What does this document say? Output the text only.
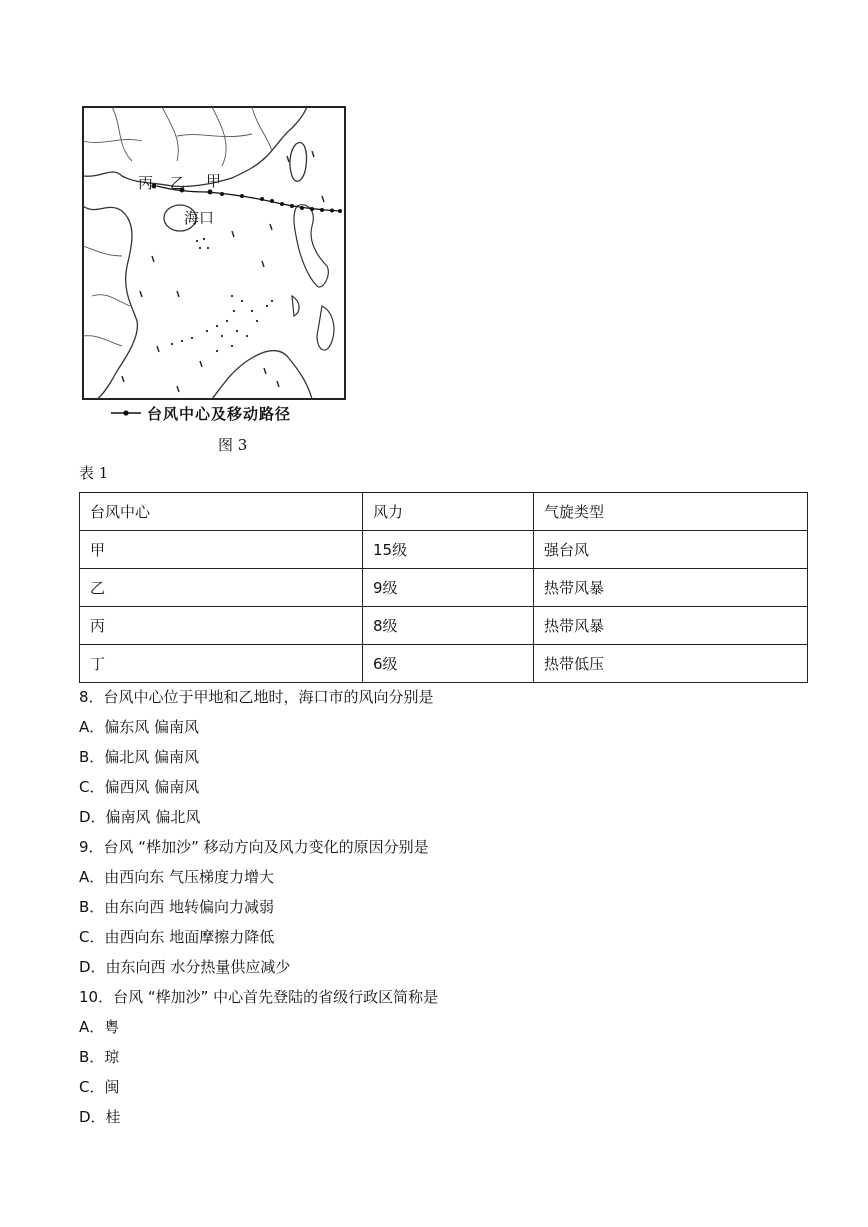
丙 乙 甲
海口
台风中心及移动路径
图 3
表 1
台风中心	风力	气旋类型
甲	15级	强台风
乙	9级	热带风暴
丙	8级	热带风暴
丁	6级	热带低压
8．台风中心位于甲地和乙地时，海口市的风向分别是
A．偏东风 偏南风
B．偏北风 偏南风
C．偏西风 偏南风
D．偏南风 偏北风
9．台风 “桦加沙” 移动方向及风力变化的原因分别是
A．由西向东 气压梯度力增大
B．由东向西 地转偏向力减弱
C．由西向东 地面摩擦力降低
D．由东向西 水分热量供应减少
10．台风 “桦加沙” 中心首先登陆的省级行政区简称是
A．粤
B．琼
C．闽
D．桂
